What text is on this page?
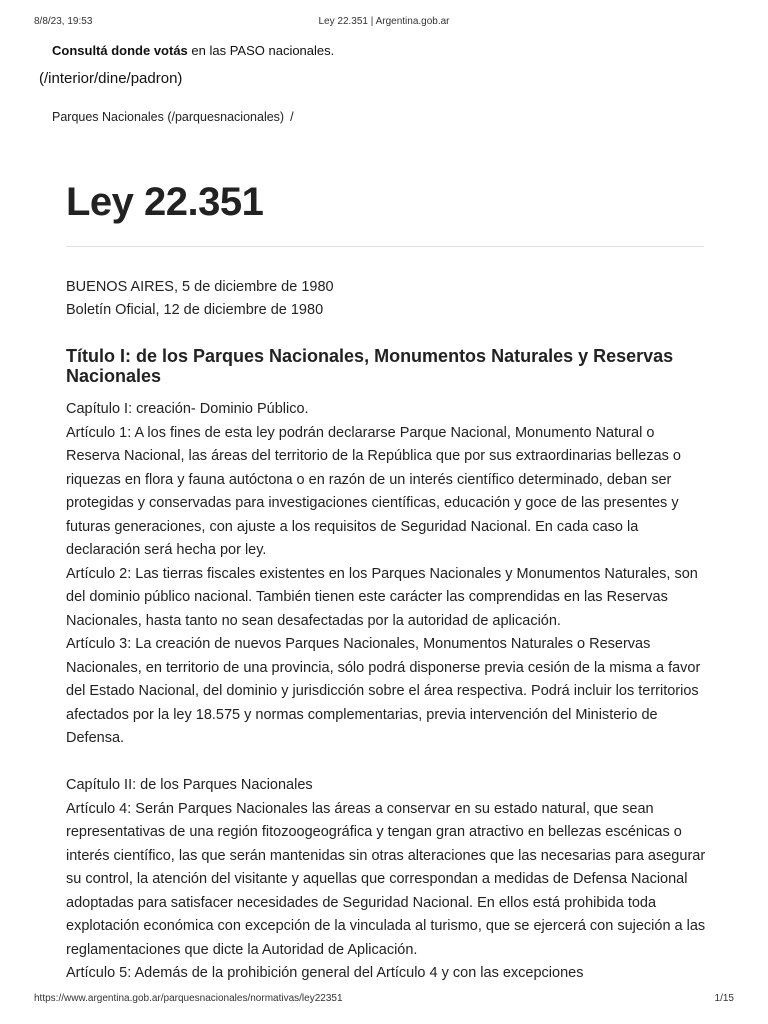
8/8/23, 19:53	Ley 22.351 | Argentina.gob.ar
Consultá donde votás en las PASO nacionales.
(/interior/dine/padron)
Parques Nacionales (/parquesnacionales) /
Ley 22.351
BUENOS AIRES, 5 de diciembre de 1980
Boletín Oficial, 12 de diciembre de 1980
Título I: de los Parques Nacionales, Monumentos Naturales y Reservas Nacionales

Capítulo I: creación- Dominio Público.

Artículo 1: A los fines de esta ley podrán declararse Parque Nacional, Monumento Natural o Reserva Nacional, las áreas del territorio de la República que por sus extraordinarias bellezas o riquezas en flora y fauna autóctona o en razón de un interés científico determinado, deban ser protegidas y conservadas para investigaciones científicas, educación y goce de las presentes y futuras generaciones, con ajuste a los requisitos de Seguridad Nacional. En cada caso la declaración será hecha por ley.

Artículo 2: Las tierras fiscales existentes en los Parques Nacionales y Monumentos Naturales, son del dominio público nacional. También tienen este carácter las comprendidas en las Reservas Nacionales, hasta tanto no sean desafectadas por la autoridad de aplicación.

Artículo 3: La creación de nuevos Parques Nacionales, Monumentos Naturales o Reservas Nacionales, en territorio de una provincia, sólo podrá disponerse previa cesión de la misma a favor del Estado Nacional, del dominio y jurisdicción sobre el área respectiva. Podrá incluir los territorios afectados por la ley 18.575 y normas complementarias, previa intervención del Ministerio de Defensa.

Capítulo II: de los Parques Nacionales

Artículo 4: Serán Parques Nacionales las áreas a conservar en su estado natural, que sean representativas de una región fitozoogeográfica y tengan gran atractivo en bellezas escénicas o interés científico, las que serán mantenidas sin otras alteraciones que las necesarias para asegurar su control, la atención del visitante y aquellas que correspondan a medidas de Defensa Nacional adoptadas para satisfacer necesidades de Seguridad Nacional. En ellos está prohibida toda explotación económica con excepción de la vinculada al turismo, que se ejercerá con sujeción a las reglamentaciones que dicte la Autoridad de Aplicación.

Artículo 5: Además de la prohibición general del Artículo 4 y con las excepciones

https://www.argentina.gob.ar/parquesnacionales/normativas/ley22351	1/15
